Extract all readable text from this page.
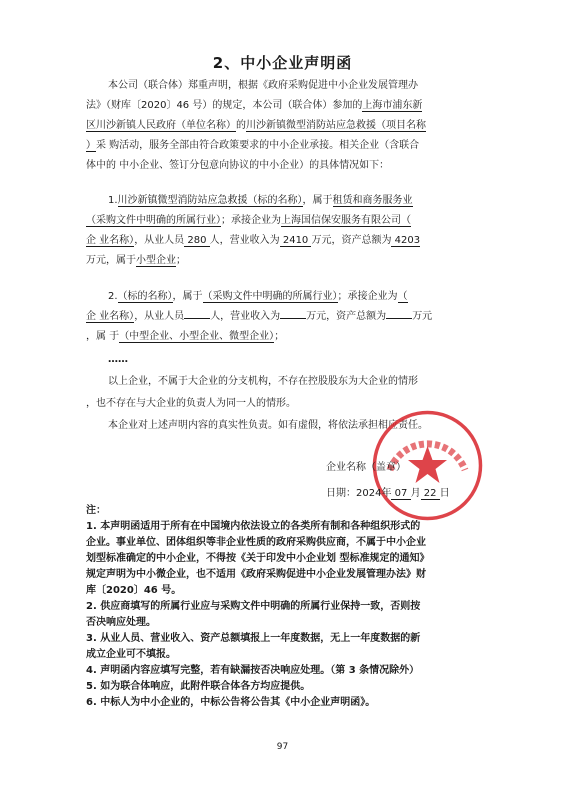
2、中小企业声明函
本公司（联合体）郑重声明，根据《政府采购促进中小企业发展管理办
法》（财库〔2020〕46 号）的规定，本公司（联合体）参加的上海市浦东新
区川沙新镇人民政府（单位名称）的川沙新镇微型消防站应急救援（项目名称
）采 购活动，服务全部由符合政策要求的中小企业承接。相关企业（含联合
体中的 中小企业、签订分包意向协议的中小企业）的具体情况如下：
1.川沙新镇微型消防站应急救援（标的名称），属于租赁和商务服务业
（采购文件中明确的所属行业）；承接企业为上海国信保安服务有限公司（
企 业名称），从业人员 280 人，营业收入为 2410 万元，资产总额为 4203
万元，属于小型企业；
2.（标的名称），属于（采购文件中明确的所属行业）；承接企业为（
企 业名称），从业人员	人，营业收入为	万元，资产总额为	万元
，属 于（中型企业、小型企业、微型企业）；
……
以上企业，不属于大企业的分支机构，不存在控股股东为大企业的情形
，也不存在与大企业的负责人为同一人的情形。
本企业对上述声明内容的真实性负责。如有虚假，将依法承担相应责任。
企业名称（盖章）
日期：2024年 07 月 22 日
注：
1. 本声明函适用于所有在中国境内依法设立的各类所有制和各种组织形式的
企业。事业单位、团体组织等非企业性质的政府采购供应商，不属于中小企业
划型标准确定的中小企业，不得按《关于印发中小企业划 型标准规定的通知》
规定声明为中小微企业，也不适用《政府采购促进中小企业发展管理办法》财
库〔2020〕46 号。
2. 供应商填写的所属行业应与采购文件中明确的所属行业保持一致，否则按
否决响应处理。
3. 从业人员、营业收入、资产总额填报上一年度数据，无上一年度数据的新
成立企业可不填报。
4. 声明函内容应填写完整，若有缺漏按否决响应处理。（第 3 条情况除外）
5. 如为联合体响应，此附件联合体各方均应提供。
6. 中标人为中小企业的，中标公告将公告其《中小企业声明函》。
97
